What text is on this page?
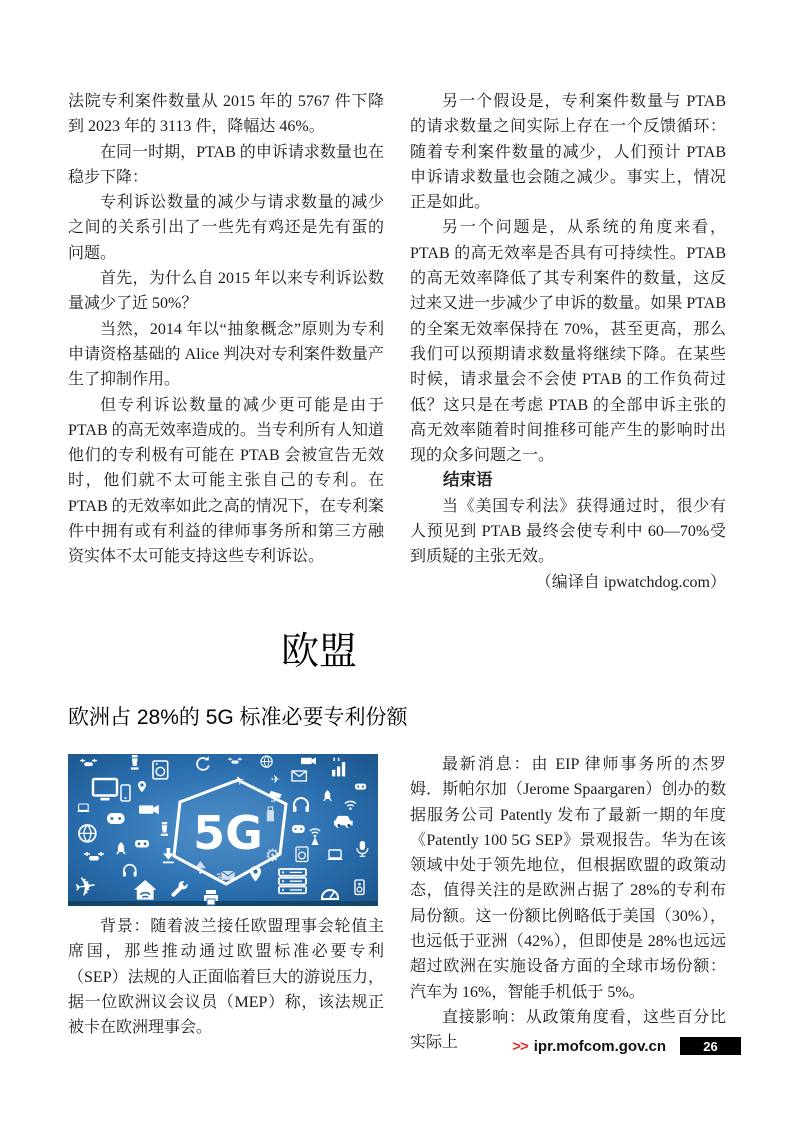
法院专利案件数量从 2015 年的 5767 件下降到 2023 年的 3113 件，降幅达 46%。

在同一时期，PTAB 的申诉请求数量也在稳步下降：

专利诉讼数量的减少与请求数量的减少之间的关系引出了一些先有鸡还是先有蛋的问题。

首先，为什么自 2015 年以来专利诉讼数量减少了近 50%？

当然，2014 年以“抽象概念”原则为专利申请资格基础的 Alice 判决对专利案件数量产生了抑制作用。

但专利诉讼数量的减少更可能是由于 PTAB 的高无效率造成的。当专利所有人知道他们的专利极有可能在 PTAB 会被宣告无效时，他们就不太可能主张自己的专利。在 PTAB 的无效率如此之高的情况下，在专利案件中拥有或有利益的律师事务所和第三方融资实体不太可能支持这些专利诉讼。

另一个假设是，专利案件数量与 PTAB 的请求数量之间实际上存在一个反馈循环：随着专利案件数量的减少，人们预计 PTAB 申诉请求数量也会随之减少。事实上，情况正是如此。

另一个问题是，从系统的角度来看，PTAB 的高无效率是否具有可持续性。PTAB 的高无效率降低了其专利案件的数量，这反过来又进一步减少了申诉的数量。如果 PTAB 的全案无效率保持在 70%，甚至更高，那么我们可以预期请求数量将继续下降。在某些时候，请求量会不会使 PTAB 的工作负荷过低？这只是在考虑 PTAB 的全部申诉主张的高无效率随着时间推移可能产生的影响时出现的众多问题之一。

结束语

当《美国专利法》获得通过时，很少有人预见到 PTAB 最终会使专利中 60—70%受到质疑的主张无效。
（编译自 ipwatchdog.com）

欧盟
欧洲占 28%的 5G 标准必要专利份额
✈
✈
5G

背景：随着波兰接任欧盟理事会轮值主席国，那些推动通过欧盟标准必要专利（SEP）法规的人正面临着巨大的游说压力，据一位欧洲议会议员（MEP）称，该法规正被卡在欧洲理事会。

最新消息：由 EIP 律师事务所的杰罗姆．斯帕尔加（Jerome Spaargaren）创办的数据服务公司 Patently 发布了最新一期的年度《Patently 100 5G SEP》景观报告。华为在该领域中处于领先地位，但根据欧盟的政策动态，值得关注的是欧洲占据了 28%的专利布局份额。这一份额比例略低于美国（30%），也远低于亚洲（42%），但即使是 28%也远远超过欧洲在实施设备方面的全球市场份额：汽车为 16%，智能手机低于 5%。

直接影响：从政策角度看，这些百分比实际上	>> ipr.mofcom.gov.cn	26
